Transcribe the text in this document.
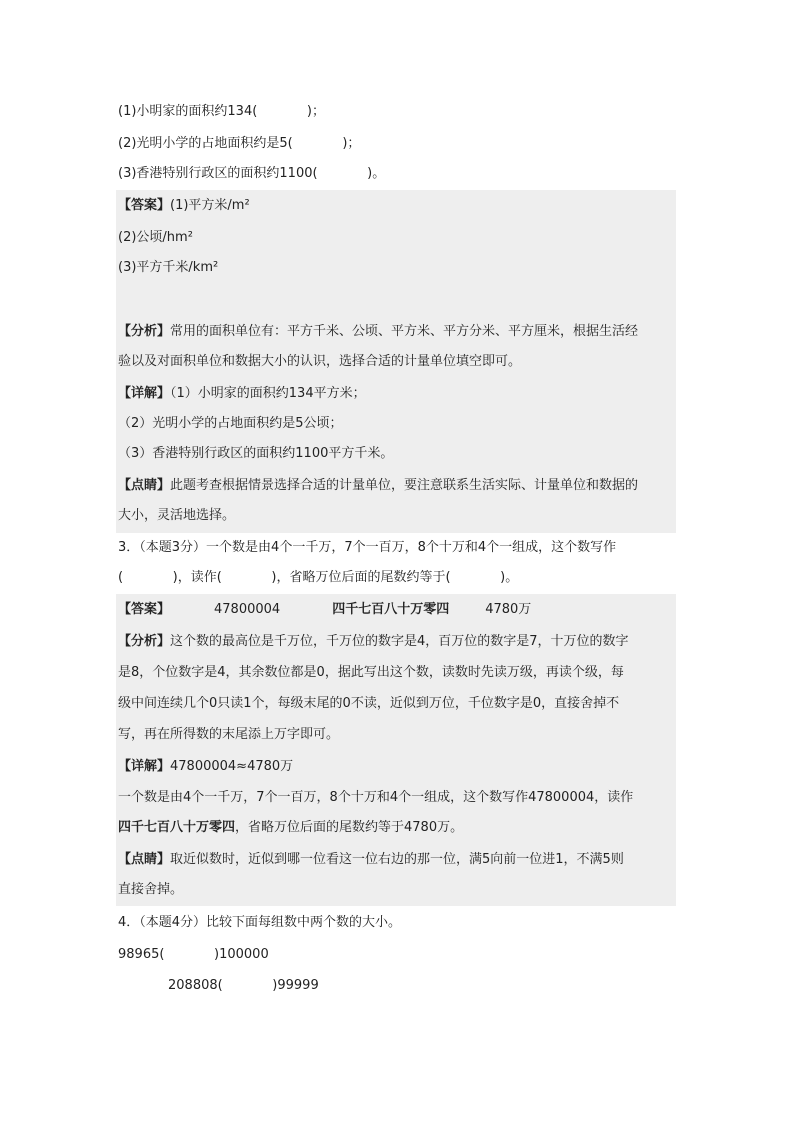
(1)小明家的面积约134(            )；
(2)光明小学的占地面积约是5(            )；
(3)香港特别行政区的面积约1100(            )。
【答案】(1)平方米/m²
(2)公顷/hm²
(3)平方千米/km²
【分析】常用的面积单位有：平方千米、公顷、平方米、平方分米、平方厘米，根据生活经
验以及对面积单位和数据大小的认识，选择合适的计量单位填空即可。
【详解】（1）小明家的面积约134平方米；
（2）光明小学的占地面积约是5公顷；
（3）香港特别行政区的面积约1100平方千米。
【点睛】此题考查根据情景选择合适的计量单位，要注意联系生活实际、计量单位和数据的
大小，灵活地选择。
3．（本题3分）一个数是由4个一千万，7个一百万，8个十万和4个一组成，这个数写作
(            )，读作(            )，省略万位后面的尾数约等于(            )。
【答案】	47800004	四千七百八十万零四	4780万
【分析】这个数的最高位是千万位，千万位的数字是4，百万位的数字是7，十万位的数字
是8，个位数字是4，其余数位都是0，据此写出这个数，读数时先读万级，再读个级，每
级中间连续几个0只读1个，每级末尾的0不读，近似到万位，千位数字是0，直接舍掉不
写，再在所得数的末尾添上万字即可。
【详解】47800004≈4780万
一个数是由4个一千万，7个一百万，8个十万和4个一组成，这个数写作47800004，读作
四千七百八十万零四，省略万位后面的尾数约等于4780万。
【点睛】取近似数时，近似到哪一位看这一位右边的那一位，满5向前一位进1，不满5则
直接舍掉。
4．（本题4分）比较下面每组数中两个数的大小。
98965(            )100000
208808(            )99999
